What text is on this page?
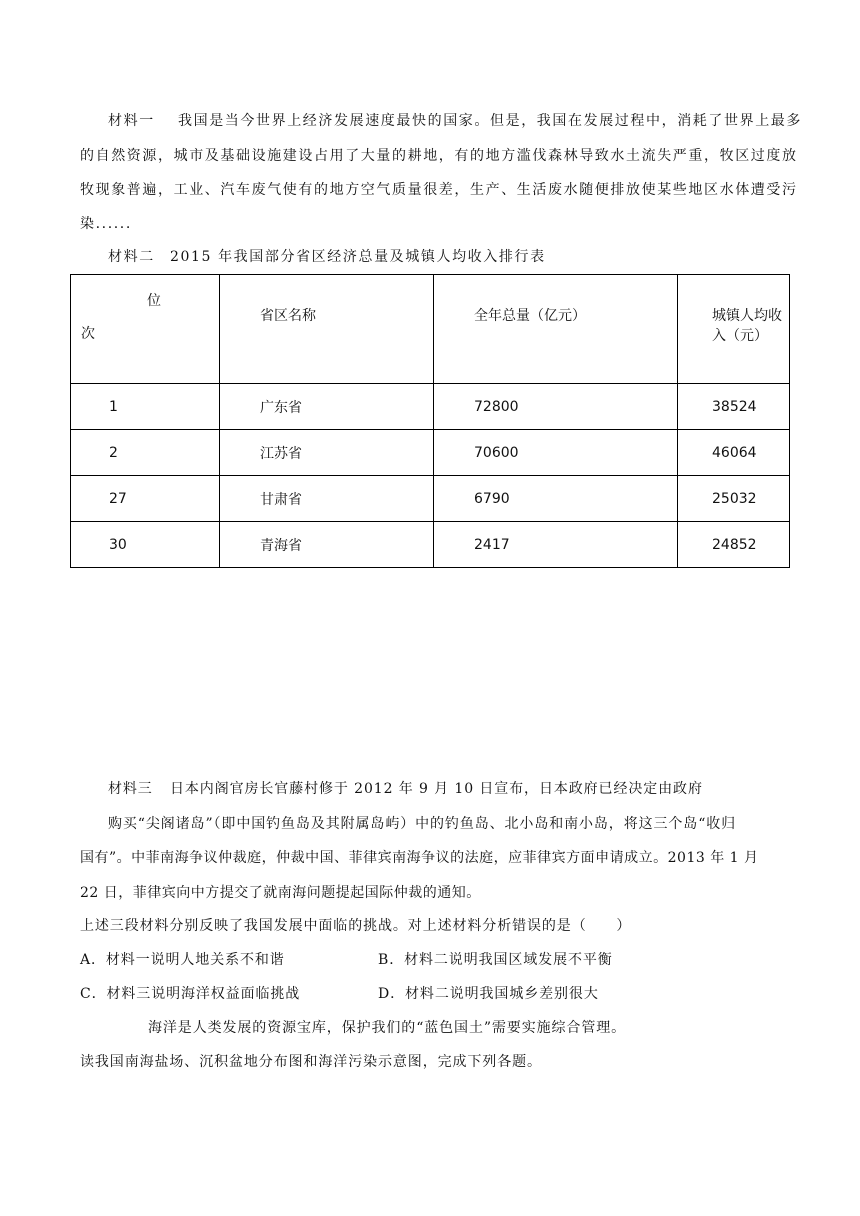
材料一 我国是当今世界上经济发展速度最快的国家。但是，我国在发展过程中，消耗了世界上最多
的自然资源，城市及基础设施建设占用了大量的耕地，有的地方滥伐森林导致水土流失严重，牧区过度放
牧现象普遍，工业、汽车废气使有的地方空气质量很差，生产、生活废水随便排放使某些地区水体遭受污
染......
材料二 2015 年我国部分省区经济总量及城镇人均收入排行表
位
次	省区名称	全年总量（亿元）	城镇人均收入（元）
1	广东省	72800	38524
2	江苏省	70600	46064
27	甘肃省	6790	25032
30	青海省	2417	24852
材料三 日本内阁官房长官藤村修于 2012 年 9 月 10 日宣布，日本政府已经决定由政府
购买“尖阁诸岛”（即中国钓鱼岛及其附属岛屿）中的钓鱼岛、北小岛和南小岛，将这三个岛“收归
国有”。中菲南海争议仲裁庭，仲裁中国、菲律宾南海争议的法庭，应菲律宾方面申请成立。2013 年 1 月
22 日，菲律宾向中方提交了就南海问题提起国际仲裁的通知。
上述三段材料分别反映了我国发展中面临的挑战。对上述材料分析错误的是（　　）
A．材料一说明人地关系不和谐	B．材料二说明我国区域发展不平衡
C．材料三说明海洋权益面临挑战	D．材料二说明我国城乡差别很大
海洋是人类发展的资源宝库，保护我们的“蓝色国土”需要实施综合管理。
读我国南海盐场、沉积盆地分布图和海洋污染示意图，完成下列各题。
